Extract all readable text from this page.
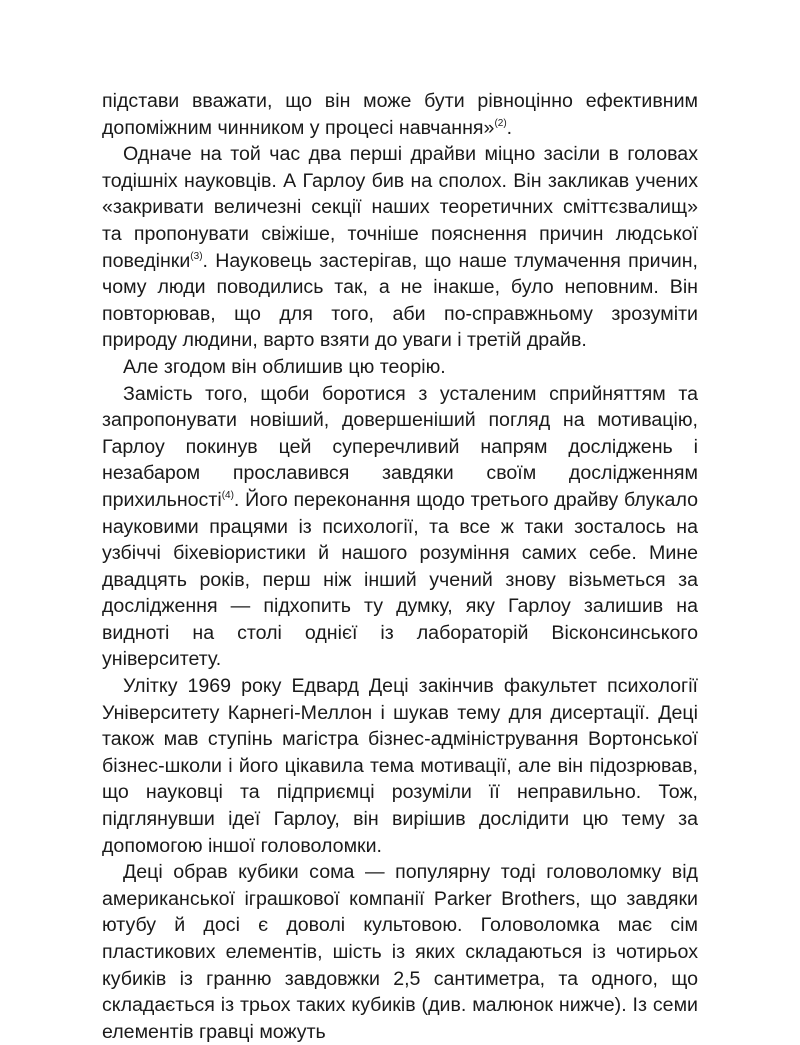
підстави вважати, що він може бути рівноцінно ефективним допоміжним чинником у процесі навчання»$^{(2)}$.

Одначе на той час два перші драйви міцно засіли в головах тодішніх науковців. А Гарлоу бив на сполох. Він закликав учених «закривати величезні секції наших теоретичних сміттєзвалищ» та пропонувати свіжіше, точніше пояснення причин людської поведінки$^{(3)}$. Науковець застерігав, що наше тлумачення причин, чому люди поводились так, а не інакше, було неповним. Він повторював, що для того, аби по-справжньому зрозуміти природу людини, варто взяти до уваги і третій драйв.

Але згодом він облишив цю теорію.

Замість того, щоби боротися з усталеним сприйняттям та запропонувати новіший, довершеніший погляд на мотивацію, Гарлоу покинув цей суперечливий напрям досліджень і незабаром прославився завдяки своїм дослідженням прихильності$^{(4)}$. Його переконання щодо третього драйву блукало науковими працями із психології, та все ж таки зосталось на узбіччі біхевіористики й нашого розуміння самих себе. Мине двадцять років, перш ніж інший учений знову візьметься за дослідження — підхопить ту думку, яку Гарлоу залишив на видноті на столі однієї із лабораторій Вісконсинського університету.

Улітку 1969 року Едвард Деці закінчив факультет психології Університету Карнегі-Меллон і шукав тему для дисертації. Деці також мав ступінь магістра бізнес-адміністрування Вортонської бізнес-школи і його цікавила тема мотивації, але він підозрював, що науковці та підприємці розуміли її неправильно. Тож, підглянувши ідеї Гарлоу, він вирішив дослідити цю тему за допомогою іншої головоломки.

Деці обрав кубики сома — популярну тоді головоломку від американської іграшкової компанії Parker Brothers, що завдяки ютубу й досі є доволі культовою. Головоломка має сім пластикових елементів, шість із яких складаються із чотирьох кубиків із гранню завдовжки 2,5 сантиметра, та одного, що складається із трьох таких кубиків (див. малюнок нижче). Із семи елементів гравці можуть
